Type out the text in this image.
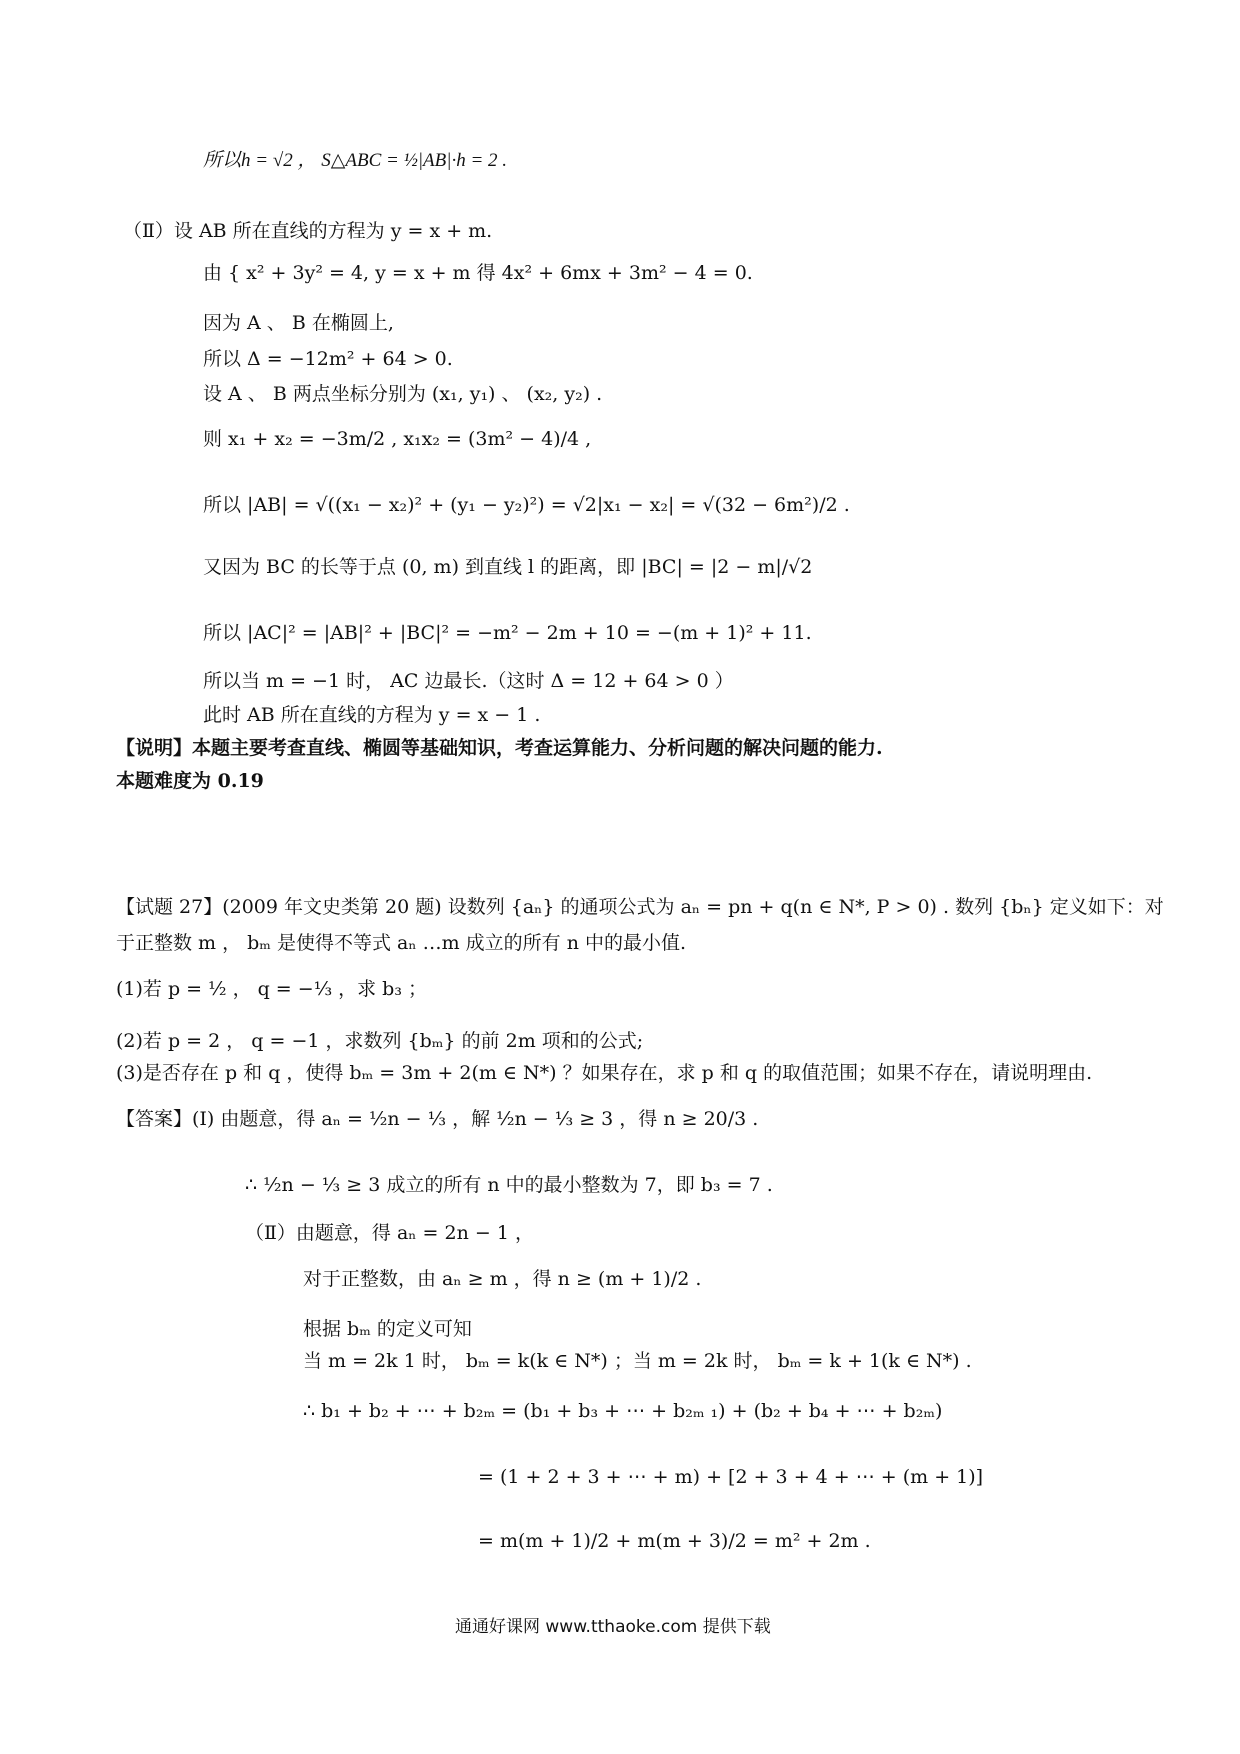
所以h = √2 ， S△ABC = ½|AB|·h = 2 .
（Ⅱ）设 AB 所在直线的方程为 y = x + m.
由 { x² + 3y² = 4, y = x + m 得 4x² + 6mx + 3m² − 4 = 0.
因为 A 、 B 在椭圆上,
所以 Δ = −12m² + 64 > 0.
设 A 、 B 两点坐标分别为 (x₁, y₁) 、 (x₂, y₂) .
则 x₁ + x₂ = −3m/2 , x₁x₂ = (3m² − 4)/4 ,
所以 |AB| = √((x₁ − x₂)² + (y₁ − y₂)²) = √2|x₁ − x₂| = √(32 − 6m²)/2 .
又因为 BC 的长等于点 (0, m) 到直线 l 的距离，即 |BC| = |2 − m|/√2
所以 |AC|² = |AB|² + |BC|² = −m² − 2m + 10 = −(m + 1)² + 11.
所以当 m = −1 时， AC 边最长.（这时 Δ = 12 + 64 > 0 ）
此时 AB 所在直线的方程为 y = x − 1 .
【说明】本题主要考查直线、椭圆等基础知识，考查运算能力、分析问题的解决问题的能力.
本题难度为 0.19
【试题 27】(2009 年文史类第 20 题) 设数列 {aₙ} 的通项公式为 aₙ = pn + q(n ∈ N*, P > 0) . 数列 {bₙ} 定义如下：对
于正整数 m ， bₘ 是使得不等式 aₙ …m 成立的所有 n 中的最小值.
(1)若 p = ½ ， q = −⅓ ，求 b₃ ；
(2)若 p = 2 ， q = −1 ，求数列 {bₘ} 的前 2m 项和的公式;
(3)是否存在 p 和 q ，使得 bₘ = 3m + 2(m ∈ N*) ？如果存在，求 p 和 q 的取值范围；如果不存在，请说明理由.
【答案】(Ⅰ) 由题意，得 aₙ = ½n − ⅓ ，解 ½n − ⅓ ≥ 3 ，得 n ≥ 20/3 .
∴ ½n − ⅓ ≥ 3 成立的所有 n 中的最小整数为 7，即 b₃ = 7 .
（Ⅱ）由题意，得 aₙ = 2n − 1 ，
对于正整数，由 aₙ ≥ m ，得 n ≥ (m + 1)/2 .
根据 bₘ 的定义可知
当 m = 2k 1 时， bₘ = k(k ∈ N*) ；当 m = 2k 时， bₘ = k + 1(k ∈ N*) .
∴ b₁ + b₂ + ⋯ + b₂ₘ = (b₁ + b₃ + ⋯ + b₂ₘ ₁) + (b₂ + b₄ + ⋯ + b₂ₘ)
= (1 + 2 + 3 + ⋯ + m) + [2 + 3 + 4 + ⋯ + (m + 1)]
= m(m + 1)/2 + m(m + 3)/2 = m² + 2m .
通通好课网 www.tthaoke.com 提供下载
